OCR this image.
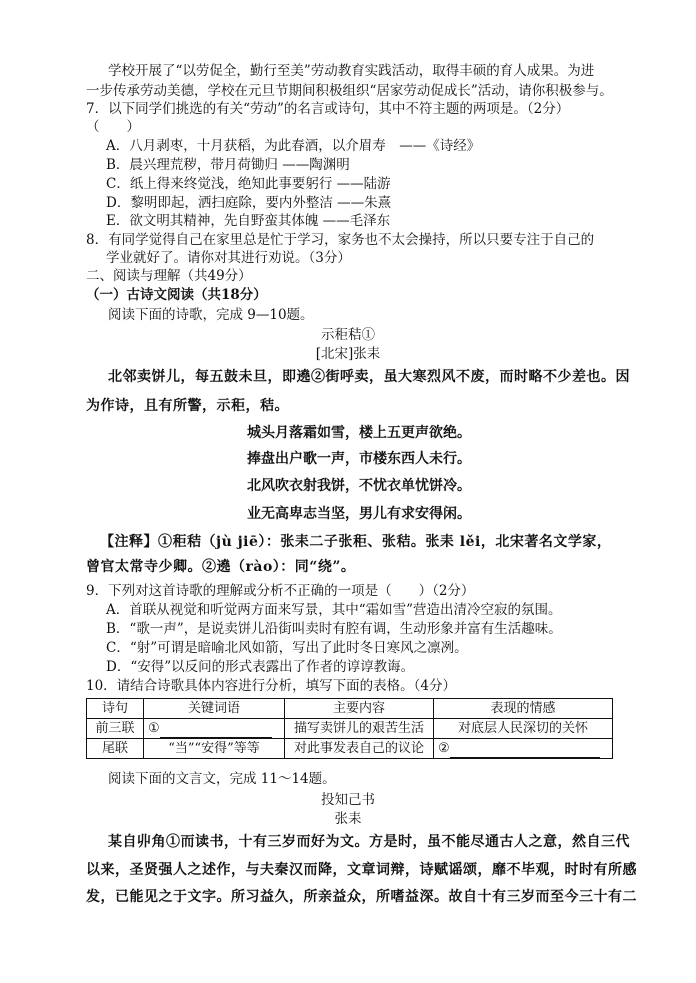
学校开展了“以劳促全，勤行至美”劳动教育实践活动，取得丰硕的育人成果。为进
一步传承劳动美德，学校在元旦节期间积极组织“居家劳动促成长”活动，请你积极参与。
7．以下同学们挑选的有关“劳动”的名言或诗句，其中不符主题的两项是。（2分）
（　　）
A．八月剥枣，十月获稻，为此春酒，以介眉寿　——《诗经》
B．晨兴理荒秽，带月荷锄归 ——陶渊明
C．纸上得来终觉浅，绝知此事要躬行 ——陆游
D．黎明即起，洒扫庭除，要内外整洁 ——朱熹
E．欲文明其精神，先自野蛮其体魄 ——毛泽东
8．有同学觉得自己在家里总是忙于学习，家务也不太会操持，所以只要专注于自己的
学业就好了。请你对其进行劝说。（3分）
二、阅读与理解（共49分）
（一）古诗文阅读（共18分）
阅读下面的诗歌，完成 9—10题。
示秬秸①
[北宋]张耒
北邻卖饼儿，每五鼓未旦，即遶②街呼卖，虽大寒烈风不废，而时略不少差也。因
为作诗，且有所警，示秬，秸。
城头月落霜如雪，楼上五更声欲绝。
捧盘出户歌一声，市楼东西人未行。
北风吹衣射我饼，不忧衣单忧饼冷。
业无高卑志当坚，男儿有求安得闲。
【注释】①秬秸（jù jiē）：张耒二子张秬、张秸。张耒 lěi，北宋著名文学家，
曾官太常寺少卿。②遶（rào）：同“绕”。
9．下列对这首诗歌的理解或分析不正确的一项是（　　）（2分）
A．首联从视觉和听觉两方面来写景，其中“霜如雪”营造出清冷空寂的氛围。
B．“歌一声”，是说卖饼儿沿街叫卖时有腔有调，生动形象并富有生活趣味。
C．“射”可谓是暗喻北风如箭，写出了此时冬日寒风之凛冽。
D．“安得”以反问的形式表露出了作者的谆谆教诲。
10．请结合诗歌具体内容进行分析，填写下面的表格。（4分）
诗句	关键词语	主要内容	表现的情感
前三联	①	描写卖饼儿的艰苦生活	对底层人民深切的关怀
尾联	“当”“安得”等等	对此事发表自己的议论	②
阅读下面的文言文，完成 11～14题。
投知己书
张耒
某自丱角①而读书，十有三岁而好为文。方是时，虽不能尽通古人之意，然自三代
以来，圣贤强人之述作，与夫秦汉而降，文章词辩，诗赋谣颂，靡不毕观，时时有所感
发，已能见之于文字。所习益久，所亲益众，所嗜益深。故自十有三岁而至今三十有二
